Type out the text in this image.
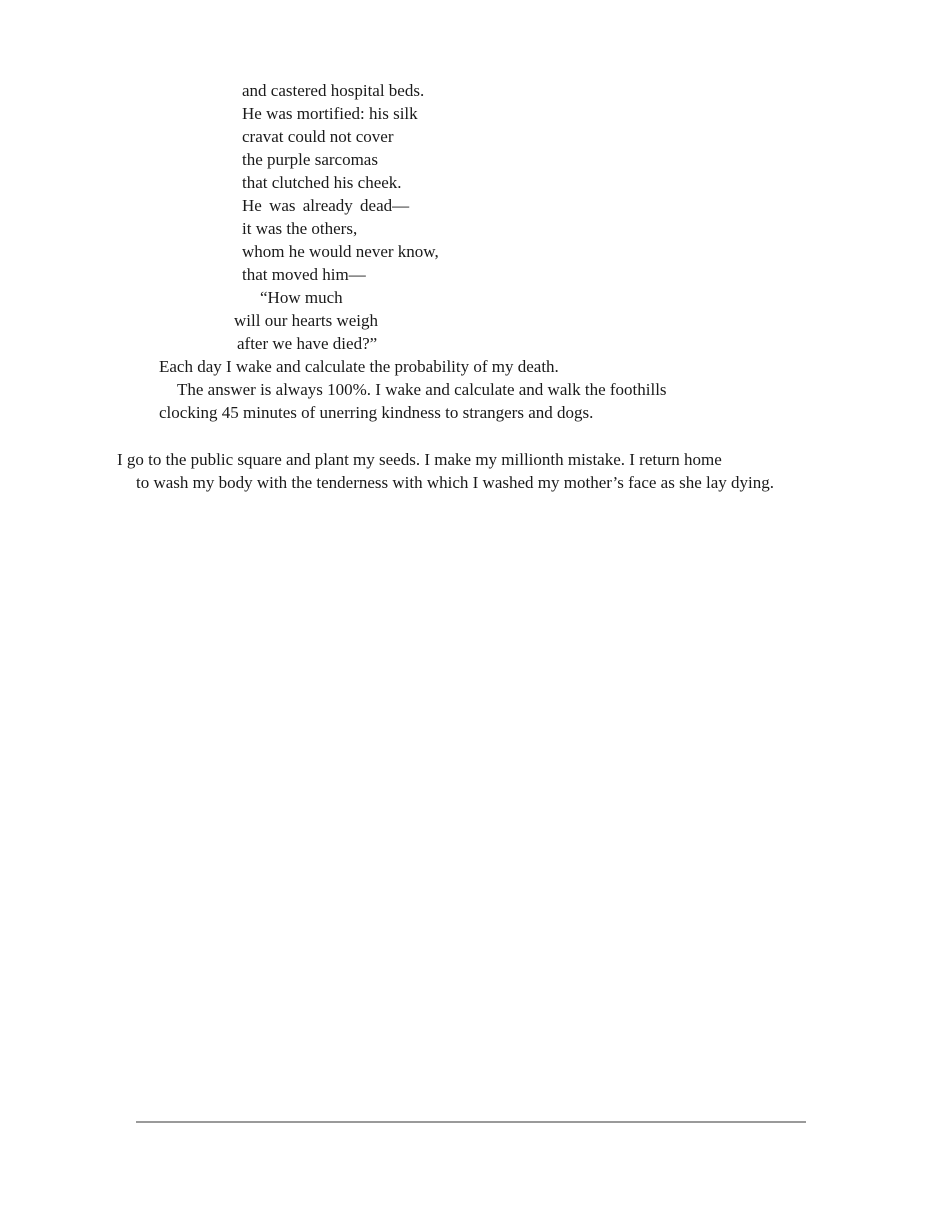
and castered hospital beds.
He was mortified: his silk
cravat could not cover
the purple sarcomas
that clutched his cheek.
He was already dead—
it was the others,
whom he would never know,
that moved him—
“How much
will our hearts weigh
after we have died?”
Each day I wake and calculate the probability of my death.
The answer is always 100%. I wake and calculate and walk the foothills
clocking 45 minutes of unerring kindness to strangers and dogs.
I go to the public square and plant my seeds. I make my millionth mistake. I return home
to wash my body with the tenderness with which I washed my mother’s face as she lay dying.
